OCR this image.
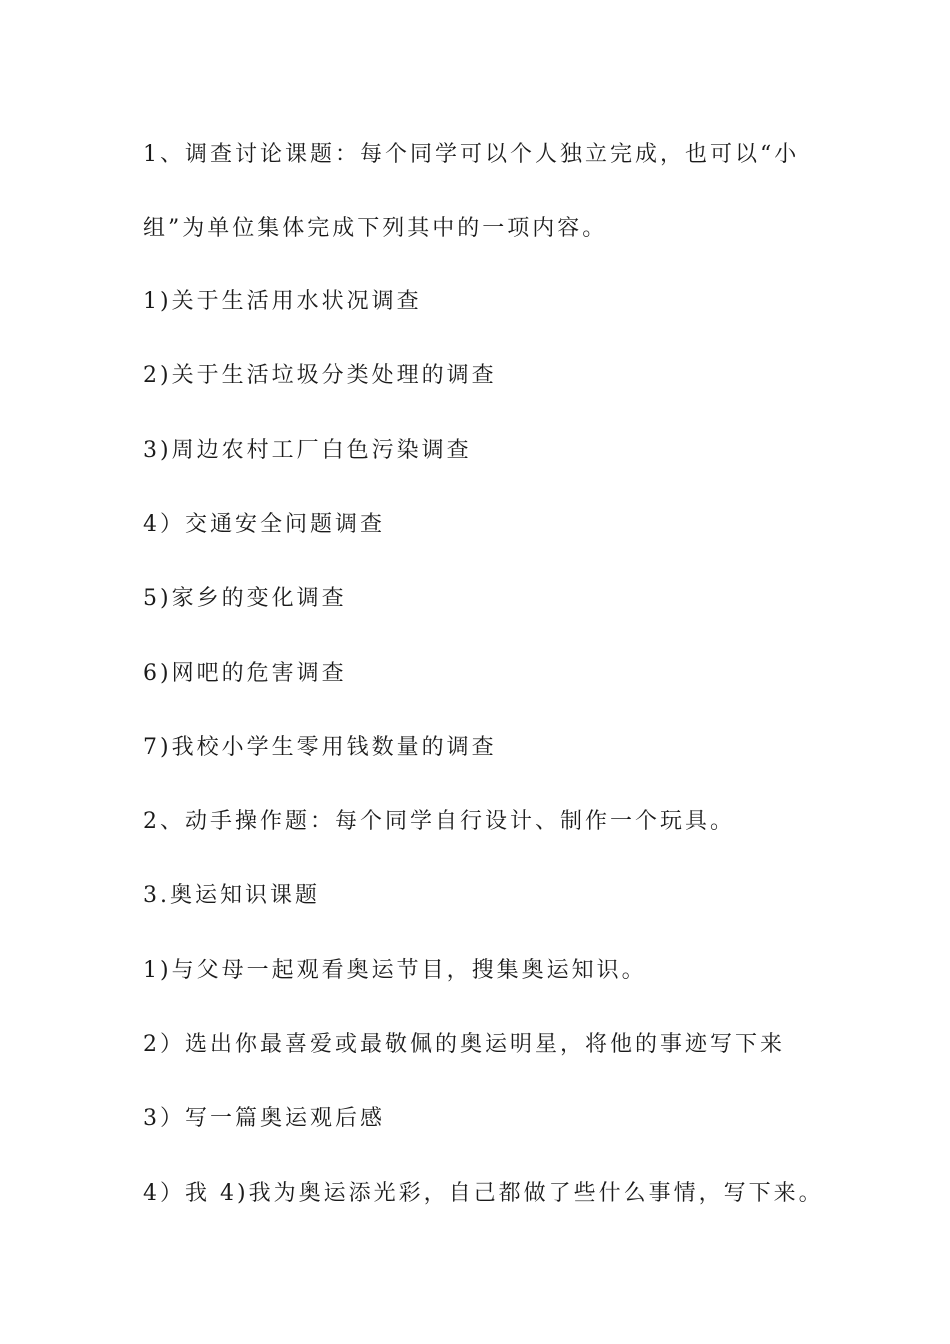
1、调查讨论课题：每个同学可以个人独立完成，也可以“小
组”为单位集体完成下列其中的一项内容。
1)关于生活用水状况调查
2)关于生活垃圾分类处理的调查
3)周边农村工厂白色污染调查
4）交通安全问题调查
5)家乡的变化调查
6)网吧的危害调查
7)我校小学生零用钱数量的调查
2、动手操作题：每个同学自行设计、制作一个玩具。
3.奥运知识课题
1)与父母一起观看奥运节目，搜集奥运知识。
2）选出你最喜爱或最敬佩的奥运明星，将他的事迹写下来
3）写一篇奥运观后感
4）我 4)我为奥运添光彩，自己都做了些什么事情，写下来。
